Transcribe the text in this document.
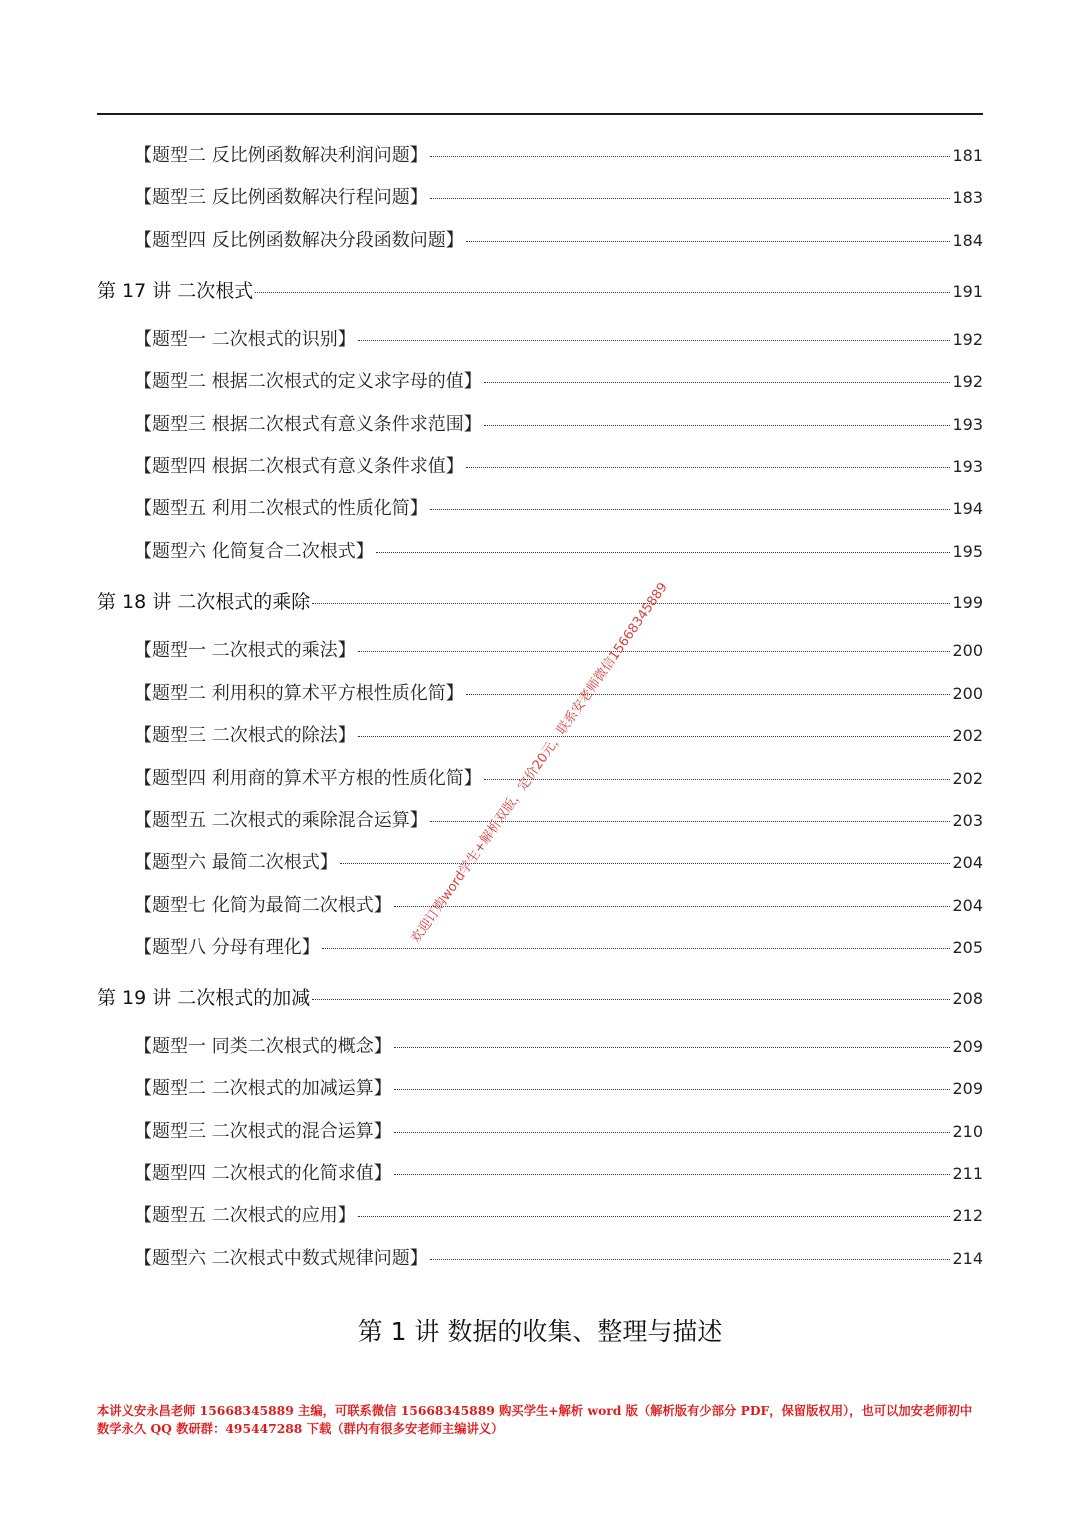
【题型二 反比例函数解决利润问题】	181
【题型三 反比例函数解决行程问题】	183
【题型四 反比例函数解决分段函数问题】	184
第 17 讲 二次根式	191
【题型一 二次根式的识别】	192
【题型二 根据二次根式的定义求字母的值】	192
【题型三 根据二次根式有意义条件求范围】	193
【题型四 根据二次根式有意义条件求值】	193
【题型五 利用二次根式的性质化简】	194
【题型六 化简复合二次根式】	195
第 18 讲 二次根式的乘除	199
【题型一 二次根式的乘法】	200
【题型二 利用积的算术平方根性质化简】	200
【题型三 二次根式的除法】	202
【题型四 利用商的算术平方根的性质化简】	202
【题型五 二次根式的乘除混合运算】	203
【题型六 最简二次根式】	204
【题型七 化简为最简二次根式】	204
【题型八 分母有理化】	205
第 19 讲 二次根式的加减	208
【题型一 同类二次根式的概念】	209
【题型二 二次根式的加减运算】	209
【题型三 二次根式的混合运算】	210
【题型四 二次根式的化简求值】	211
【题型五 二次根式的应用】	212
【题型六 二次根式中数式规律问题】	214
第 1 讲 数据的收集、整理与描述
欢迎订购word学生+解析双版，定价20元，联系安老师微信15668345889
本讲义安永昌老师 15668345889 主编，可联系微信 15668345889 购买学生+解析 word 版（解析版有少部分 PDF，保留版权用），也可以加安老师初中数学永久 QQ 教研群：495447288 下载（群内有很多安老师主编讲义）
